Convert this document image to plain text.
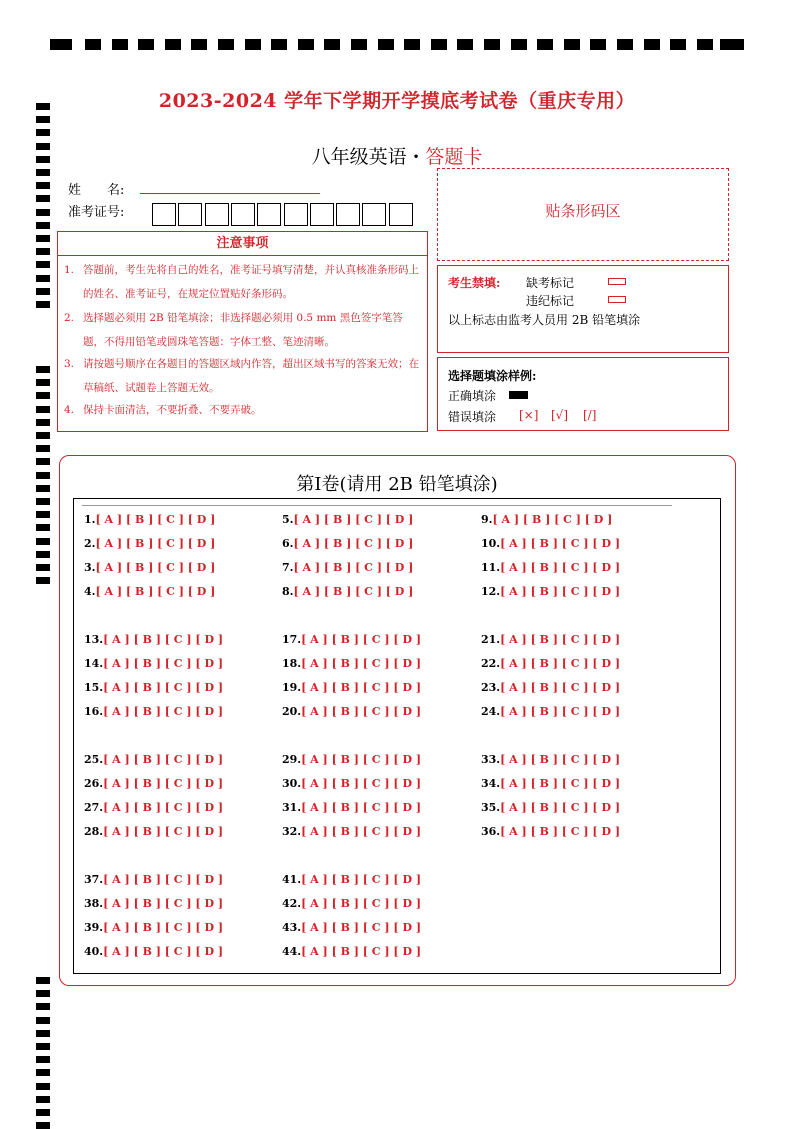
2023-2024 学年下学期开学摸底考试卷（重庆专用）
八年级英语 · 答题卡
姓　　名:
准考证号:
注意事项
1. 答题前，考生先将自己的姓名，准考证号填写清楚，并认真核准条形码上的姓名、准考证号，在规定位置贴好条形码。
2. 选择题必须用 2B 铅笔填涂；非选择题必须用 0.5 mm 黑色签字笔答题，不得用铅笔或圆珠笔答题：字体工整、笔迹清晰。
3. 请按题号顺序在各题目的答题区域内作答，超出区域书写的答案无效；在草稿纸、试题卷上答题无效。
4. 保持卡面清洁，不要折叠、不要弄破。
贴条形码区
考生禁填: 缺考标记
违纪标记
以上标志由监考人员用 2B 铅笔填涂
选择题填涂样例:
正确填涂
错误填涂 [×] [√] [/]
第Ⅰ卷(请用 2B 铅笔填涂)
1.[ A ] [ B ] [ C ] [ D ]
2.[ A ] [ B ] [ C ] [ D ]
3.[ A ] [ B ] [ C ] [ D ]
4.[ A ] [ B ] [ C ] [ D ]
5.[ A ] [ B ] [ C ] [ D ]
6.[ A ] [ B ] [ C ] [ D ]
7.[ A ] [ B ] [ C ] [ D ]
8.[ A ] [ B ] [ C ] [ D ]
9.[ A ] [ B ] [ C ] [ D ]
10.[ A ] [ B ] [ C ] [ D ]
11.[ A ] [ B ] [ C ] [ D ]
12.[ A ] [ B ] [ C ] [ D ]
13.[ A ] [ B ] [ C ] [ D ]
14.[ A ] [ B ] [ C ] [ D ]
15.[ A ] [ B ] [ C ] [ D ]
16.[ A ] [ B ] [ C ] [ D ]
17.[ A ] [ B ] [ C ] [ D ]
18.[ A ] [ B ] [ C ] [ D ]
19.[ A ] [ B ] [ C ] [ D ]
20.[ A ] [ B ] [ C ] [ D ]
21.[ A ] [ B ] [ C ] [ D ]
22.[ A ] [ B ] [ C ] [ D ]
23.[ A ] [ B ] [ C ] [ D ]
24.[ A ] [ B ] [ C ] [ D ]
25.[ A ] [ B ] [ C ] [ D ]
26.[ A ] [ B ] [ C ] [ D ]
27.[ A ] [ B ] [ C ] [ D ]
28.[ A ] [ B ] [ C ] [ D ]
29.[ A ] [ B ] [ C ] [ D ]
30.[ A ] [ B ] [ C ] [ D ]
31.[ A ] [ B ] [ C ] [ D ]
32.[ A ] [ B ] [ C ] [ D ]
33.[ A ] [ B ] [ C ] [ D ]
34.[ A ] [ B ] [ C ] [ D ]
35.[ A ] [ B ] [ C ] [ D ]
36.[ A ] [ B ] [ C ] [ D ]
37.[ A ] [ B ] [ C ] [ D ]
38.[ A ] [ B ] [ C ] [ D ]
39.[ A ] [ B ] [ C ] [ D ]
40.[ A ] [ B ] [ C ] [ D ]
41.[ A ] [ B ] [ C ] [ D ]
42.[ A ] [ B ] [ C ] [ D ]
43.[ A ] [ B ] [ C ] [ D ]
44.[ A ] [ B ] [ C ] [ D ]
